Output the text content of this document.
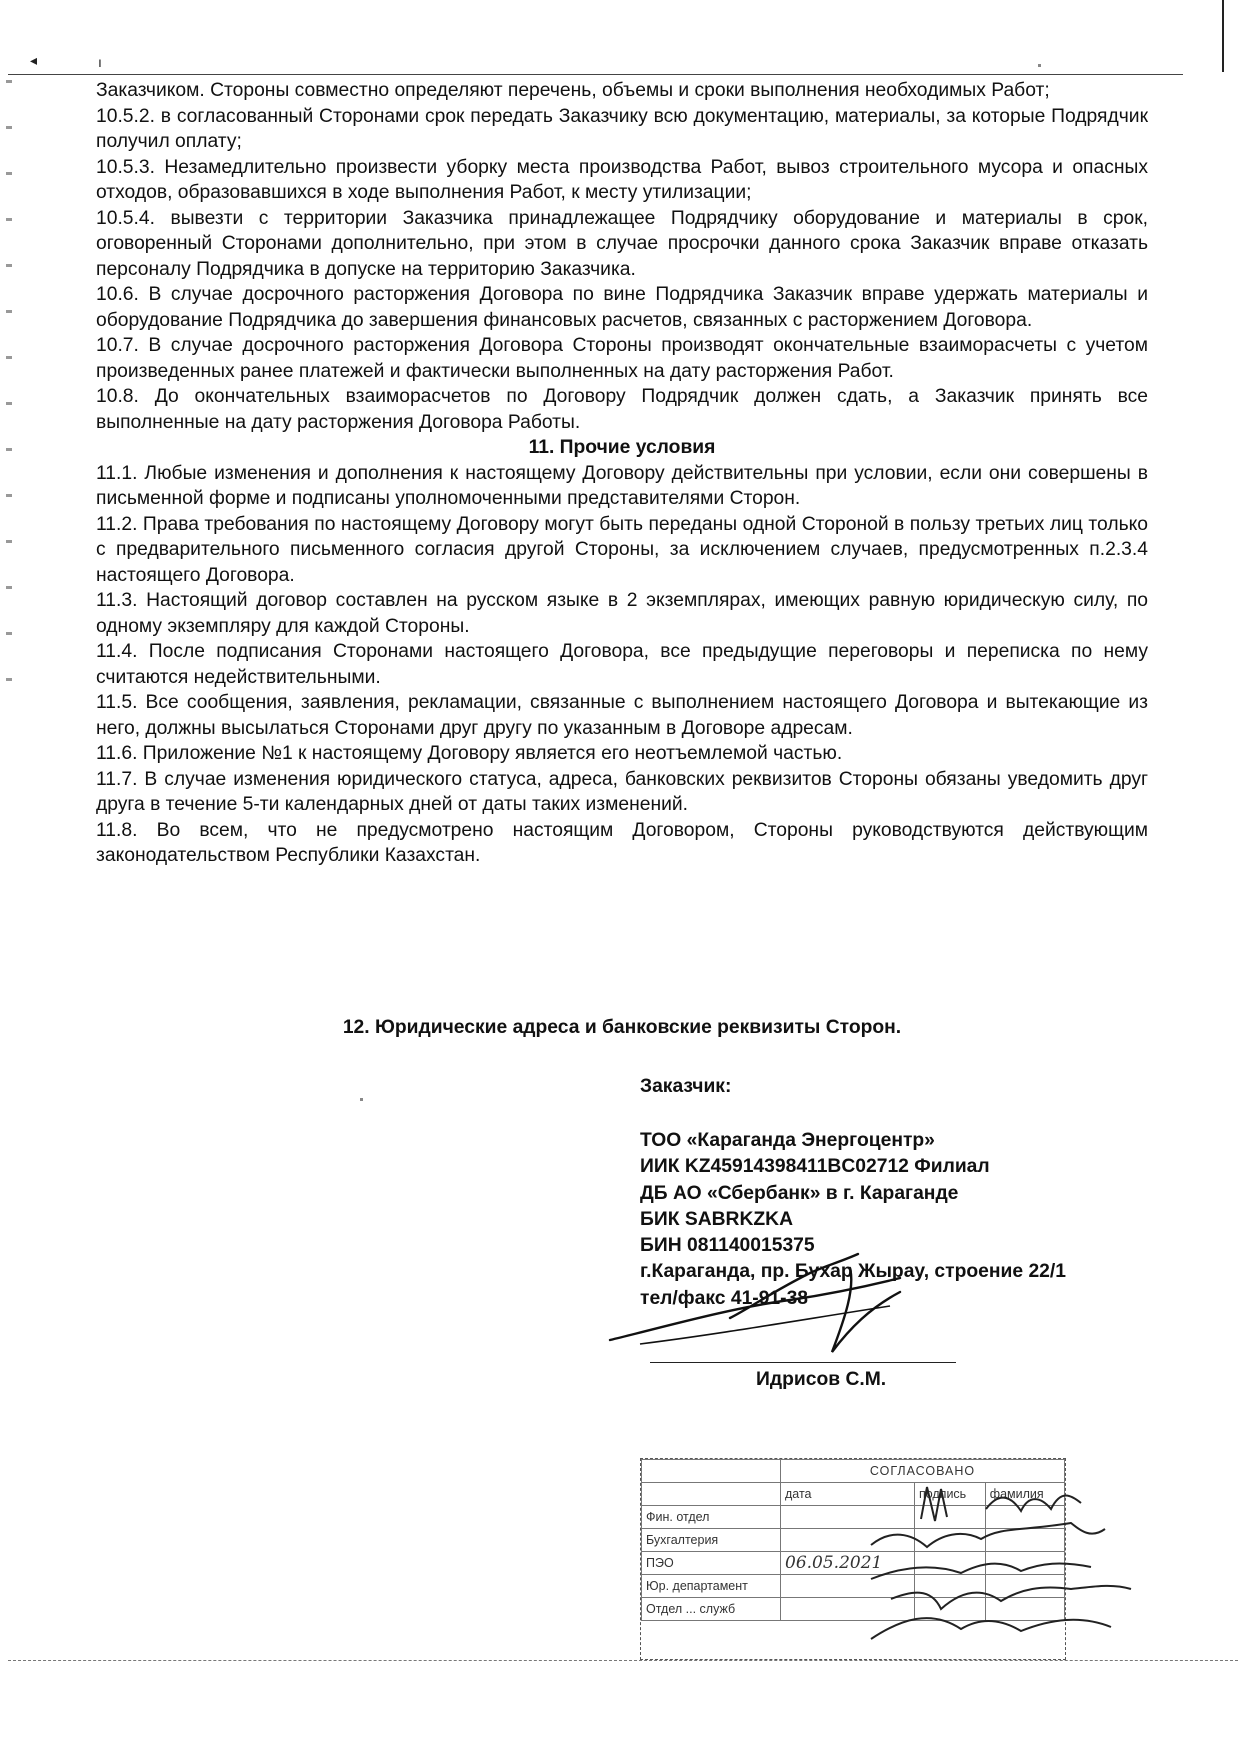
◂	ı

Заказчиком. Стороны совместно определяют перечень, объемы и сроки выполнения необходимых Работ;

10.5.2. в согласованный Сторонами срок передать Заказчику всю документацию, материалы, за которые Подрядчик получил оплату;

10.5.3. Незамедлительно произвести уборку места производства Работ, вывоз строительного мусора и опасных отходов, образовавшихся в ходе выполнения Работ, к месту утилизации;

10.5.4. вывезти с территории Заказчика принадлежащее Подрядчику оборудование и материалы в срок, оговоренный Сторонами дополнительно, при этом в случае просрочки данного срока Заказчик вправе отказать персоналу Подрядчика в допуске на территорию Заказчика.

10.6. В случае досрочного расторжения Договора по вине Подрядчика Заказчик вправе удержать материалы и оборудование Подрядчика до завершения финансовых расчетов, связанных с расторжением Договора.

10.7. В случае досрочного расторжения Договора Стороны производят окончательные взаиморасчеты с учетом произведенных ранее платежей и фактически выполненных на дату расторжения Работ.

10.8. До окончательных взаиморасчетов по Договору Подрядчик должен сдать, а Заказчик принять все выполненные на дату расторжения Договора Работы.

11. Прочие условия

11.1. Любые изменения и дополнения к настоящему Договору действительны при условии, если они совершены в письменной форме и подписаны уполномоченными представителями Сторон.

11.2. Права требования по настоящему Договору могут быть переданы одной Стороной в пользу третьих лиц только с предварительного письменного согласия другой Стороны, за исключением случаев, предусмотренных п.2.3.4 настоящего Договора.

11.3. Настоящий договор составлен на русском языке в 2 экземплярах, имеющих равную юридическую силу, по одному экземпляру для каждой Стороны.

11.4. После подписания Сторонами настоящего Договора, все предыдущие переговоры и переписка по нему считаются недействительными.

11.5. Все сообщения, заявления, рекламации, связанные с выполнением настоящего Договора и вытекающие из него, должны высылаться Сторонами друг другу по указанным в Договоре адресам.

11.6. Приложение №1 к настоящему Договору является его неотъемлемой частью.

11.7. В случае изменения юридического статуса, адреса, банковских реквизитов Стороны обязаны уведомить друг друга в течение 5-ти календарных дней от даты таких изменений.

11.8. Во всем, что не предусмотрено настоящим Договором, Стороны руководствуются действующим законодательством Республики Казахстан.

12. Юридические адреса и банковские реквизиты Сторон.
Заказчик:
ТОО «Караганда Энергоцентр»
ИИК KZ45914398411BC02712 Филиал
ДБ АО «Сбербанк» в г. Караганде
БИК SABRKZKA
БИН 081140015375
г.Караганда, пр. Бухар Жырау, строение 22/1
тел/факс 41-91-38
Идрисов С.М.
	СОГЛАСОВАНО		
	дата	подпись	фамилия
Фин. отдел			
Бухгалтерия			
ПЭО	06.05.2021		
Юр. департамент			
Отдел ... служб			
